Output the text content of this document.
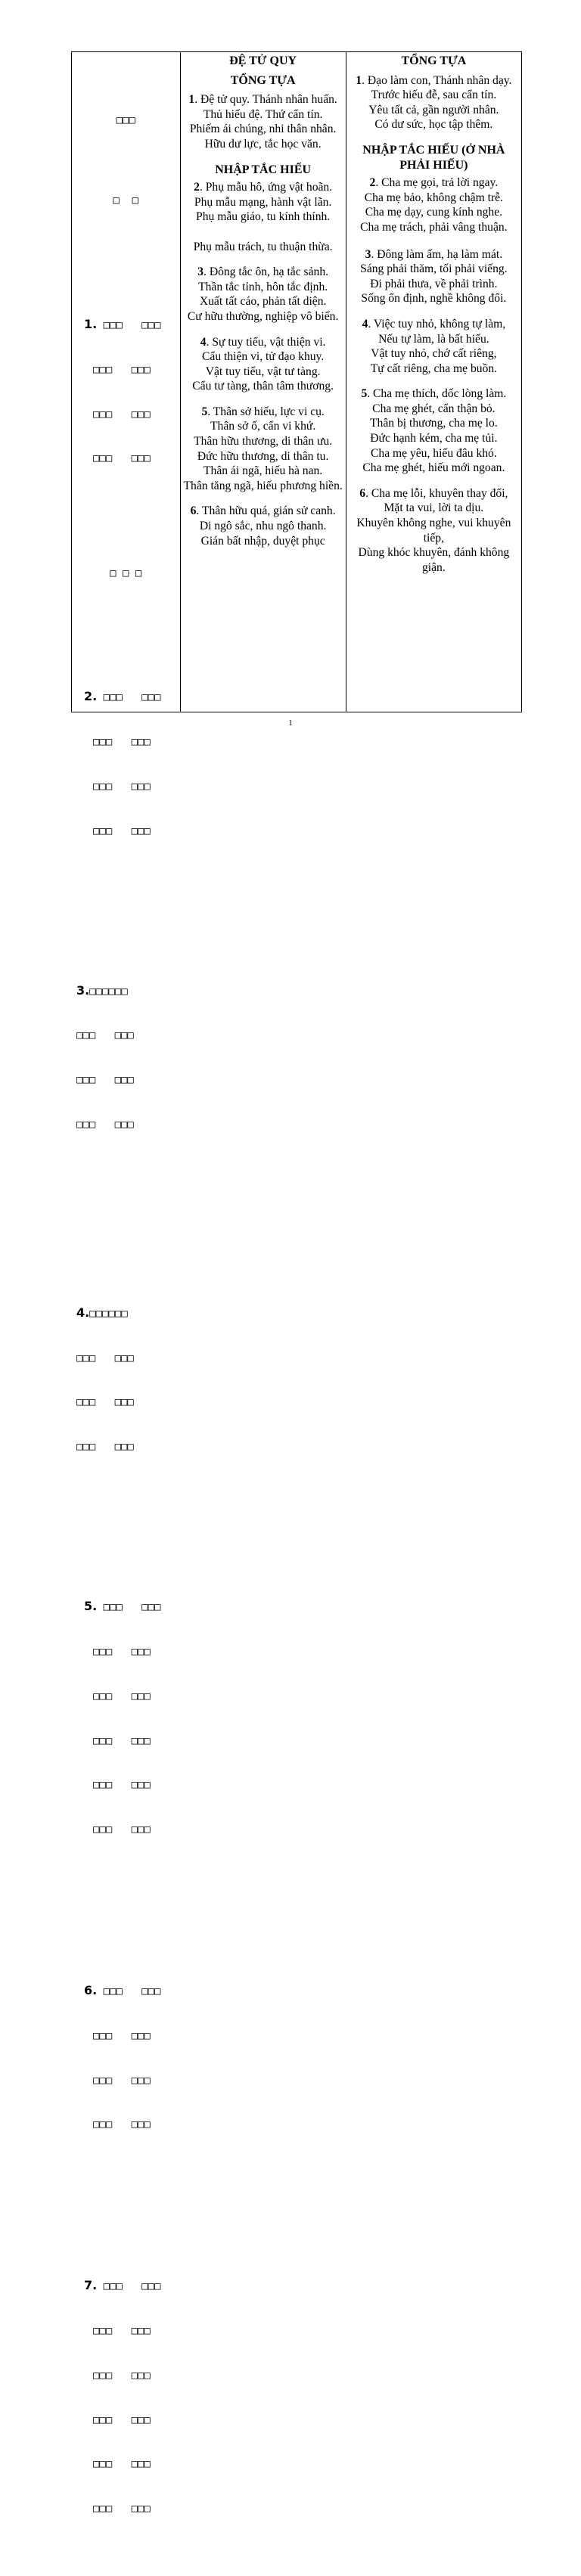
□□□

□  □

1. □□□   □□□

□□□   □□□

□□□   □□□

□□□   □□□

□ □ □

2. □□□   □□□

□□□   □□□

□□□   □□□

□□□   □□□

3.□□□□□□

□□□   □□□

□□□   □□□

□□□   □□□

4.□□□□□□

□□□   □□□

□□□   □□□

□□□   □□□

5. □□□   □□□

□□□   □□□

□□□   □□□

□□□   □□□

□□□   □□□

□□□   □□□

6. □□□   □□□

□□□   □□□

□□□   □□□

□□□   □□□

7. □□□   □□□

□□□   □□□

□□□   □□□

□□□   □□□

□□□   □□□

□□□   □□□

ĐỆ TỬ QUY
TỔNG TỰA

1. Đệ tử quy. Thánh nhân huấn.

Thủ hiếu đệ. Thứ cẩn tín.

Phiếm ái chúng, nhi thân nhân.

Hữu dư lực, tắc học văn.

NHẬP TẮC HIẾU

2. Phụ mẫu hô, ứng vật hoãn.

Phụ mẫu mạng, hành vật lãn.

Phụ mẫu giáo, tu kính thính.

Phụ mẫu trách, tu thuận thừa.

3. Đông tắc ôn, hạ tắc sảnh.

Thần tắc tỉnh, hôn tắc định.

Xuất tất cáo, phản tất diện.

Cư hữu thường, nghiệp vô biến.

4. Sự tuy tiểu, vật thiện vi.

Cẩu thiện vi, tử đạo khuy.

Vật tuy tiểu, vật tư tàng.

Cẩu tư tàng, thân tâm thương.

5. Thân sở hiếu, lực vi cụ.

Thân sở ố, cẩn vi khứ.

Thân hữu thương, di thân ưu.

Đức hữu thương, di thân tu.

Thân ái ngã, hiếu hà nan.

Thân tăng ngã, hiếu phương hiền.

6. Thân hữu quá, gián sử canh.

Di ngô sắc, nhu ngô thanh.

Gián bất nhập, duyệt phục

TỔNG TỰA

1. Đạo làm con, Thánh nhân dạy.

Trước hiếu đễ, sau cẩn tín.

Yêu tất cả, gần người nhân.

Có dư sức, học tập thêm.

NHẬP TẮC HIẾU (Ở NHÀ PHẢI HIẾU)

2. Cha mẹ gọi, trả lời ngay.

Cha mẹ bảo, không chậm trễ.

Cha mẹ dạy, cung kính nghe.

Cha mẹ trách, phải vâng thuận.

3. Đông làm ấm, hạ làm mát.

Sáng phải thăm, tối phải viếng.

Đi phải thưa, về phải trình.

Sống ổn định, nghề không đổi.

4. Việc tuy nhỏ, không tự làm,

Nếu tự làm, là bất hiếu.

Vật tuy nhỏ, chớ cất riêng,

Tự cất riêng, cha mẹ buồn.

5. Cha mẹ thích, dốc lòng làm.

Cha mẹ ghét, cẩn thận bỏ.

Thân bị thương, cha mẹ lo.

Đức hạnh kém, cha mẹ tủi.

Cha mẹ yêu, hiếu đâu khó.

Cha mẹ ghét, hiếu mới ngoan.

6. Cha mẹ lỗi, khuyên thay đổi,

Mặt ta vui, lời ta dịu.

Khuyên không nghe, vui khuyên tiếp,

Dùng khóc khuyên, đánh không giận.

1
